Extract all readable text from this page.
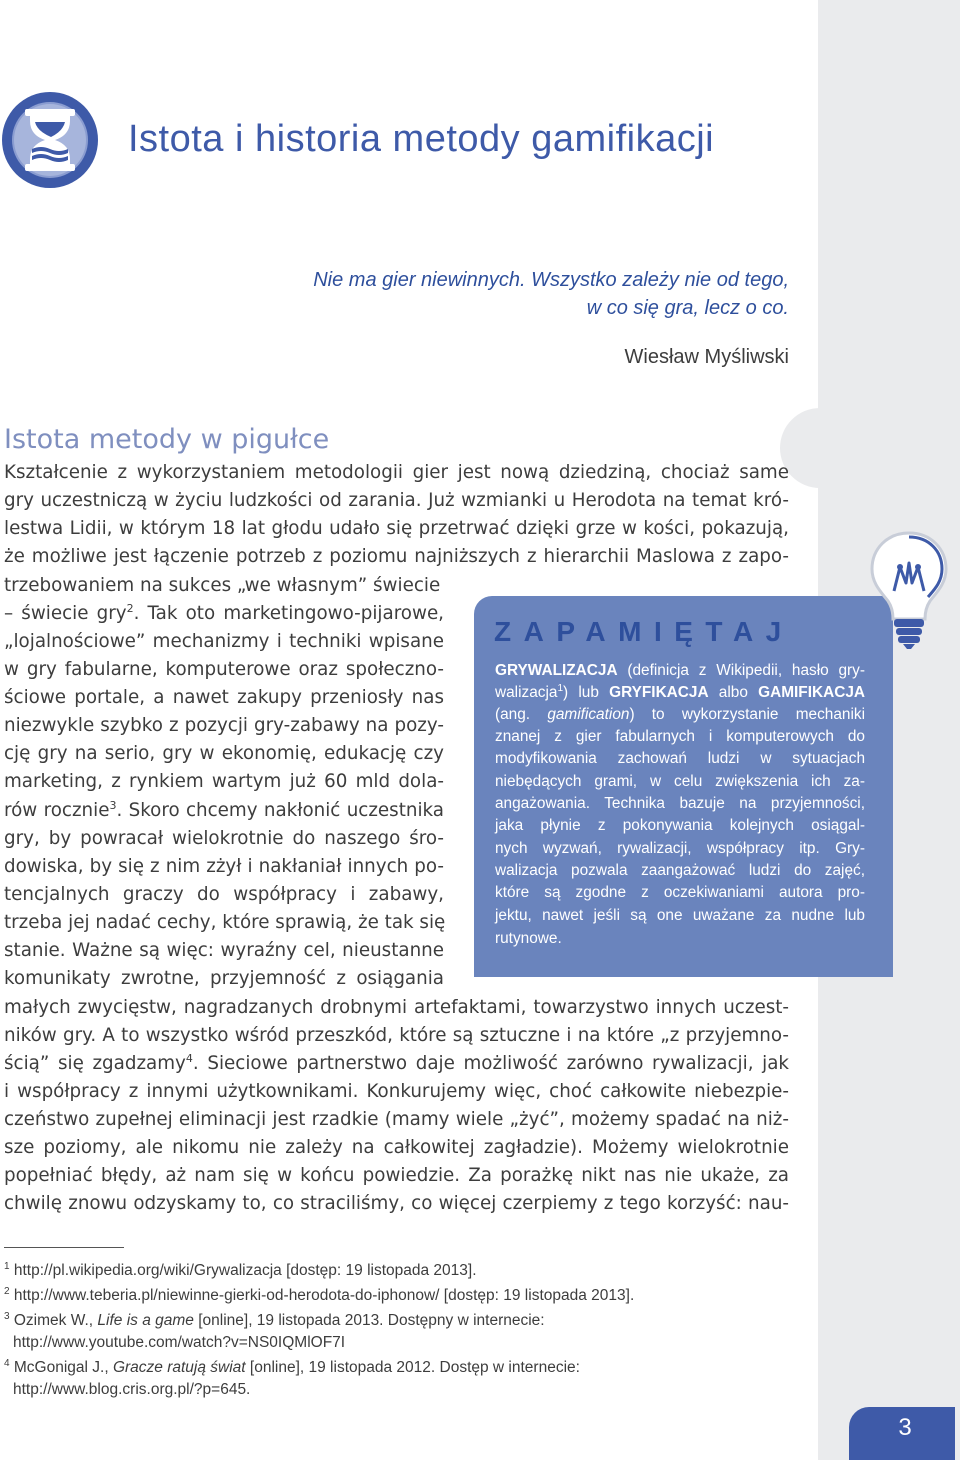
Istota i historia metody gamifikacji
Nie ma gier niewinnych. Wszystko zależy nie od tego,
w co się gra, lecz o co.
Wiesław Myśliwski
Istota metody w pigułce
Kształcenie z wykorzystaniem metodologii gier jest nową dziedziną, chociaż same
gry uczestniczą w życiu ludzkości od zarania. Już wzmianki u Herodota na temat kró-
lestwa Lidii, w którym 18 lat głodu udało się przetrwać dzięki grze w kości, pokazują,
że możliwe jest łączenie potrzeb z poziomu najniższych z hierarchii Maslowa z zapo-
trzebowaniem na sukces „we własnym” świecie
– świecie gry$^2$. Tak oto marketingowo-pijarowe,
„lojalnościowe” mechanizmy i techniki wpisane
w gry fabularne, komputerowe oraz społeczno-
ściowe portale, a nawet zakupy przeniosły nas
niezwykle szybko z pozycji gry-zabawy na pozy-
cję gry na serio, gry w ekonomię, edukację czy
marketing, z rynkiem wartym już 60 mld dola-
rów rocznie$^3$. Skoro chcemy nakłonić uczestnika
gry, by powracał wielokrotnie do naszego śro-
dowiska, by się z nim zżył i nakłaniał innych po-
tencjalnych graczy do współpracy i zabawy,
trzeba jej nadać cechy, które sprawią, że tak się
stanie. Ważne są więc: wyraźny cel, nieustanne
komunikaty zwrotne, przyjemność z osiągania
małych zwycięstw, nagradzanych drobnymi artefaktami, towarzystwo innych uczest-
ników gry. A to wszystko wśród przeszkód, które są sztuczne i na które „z przyjemno-
ścią” się zgadzamy$^4$. Sieciowe partnerstwo daje możliwość zarówno rywalizacji, jak
i współpracy z innymi użytkownikami. Konkurujemy więc, choć całkowite niebezpie-
czeństwo zupełnej eliminacji jest rzadkie (mamy wiele „żyć”, możemy spadać na niż-
sze poziomy, ale nikomu nie zależy na całkowitej zagładzie). Możemy wielokrotnie
popełniać błędy, aż nam się w końcu powiedzie. Za porażkę nikt nas nie ukaże, za
chwilę znowu odzyskamy to, co straciliśmy, co więcej czerpiemy z tego korzyść: nau-
ZAPAMIĘTAJ
GRYWALIZACJA (definicja z Wikipedii, hasło gry-
walizacja$^1$) lub GRYFIKACJA albo GAMIFIKACJA
(ang. gamification) to wykorzystanie mechaniki
znanej z gier fabularnych i komputerowych do
modyfikowania zachowań ludzi w sytuacjach
niebędących grami, w celu zwiększenia ich za-
angażowania. Technika bazuje na przyjemności,
jaka płynie z pokonywania kolejnych osiągal-
nych wyzwań, rywalizacji, współpracy itp. Gry-
walizacja pozwala zaangażować ludzi do zajęć,
które są zgodne z oczekiwaniami autora pro-
jektu, nawet jeśli są one uważane za nudne lub
rutynowe.
$^1$ http://pl.wikipedia.org/wiki/Grywalizacja [dostęp: 19 listopada 2013].
$^2$ http://www.teberia.pl/niewinne-gierki-od-herodota-do-iphonow/ [dostęp: 19 listopada 2013].
$^3$ Ozimek W., Life is a game [online], 19 listopada 2013. Dostępny w internecie:
http://www.youtube.com/watch?v=NS0IQMlOF7I
$^4$ McGonigal J., Gracze ratują świat [online], 19 listopada 2012. Dostęp w internecie:
http://www.blog.cris.org.pl/?p=645.
3
